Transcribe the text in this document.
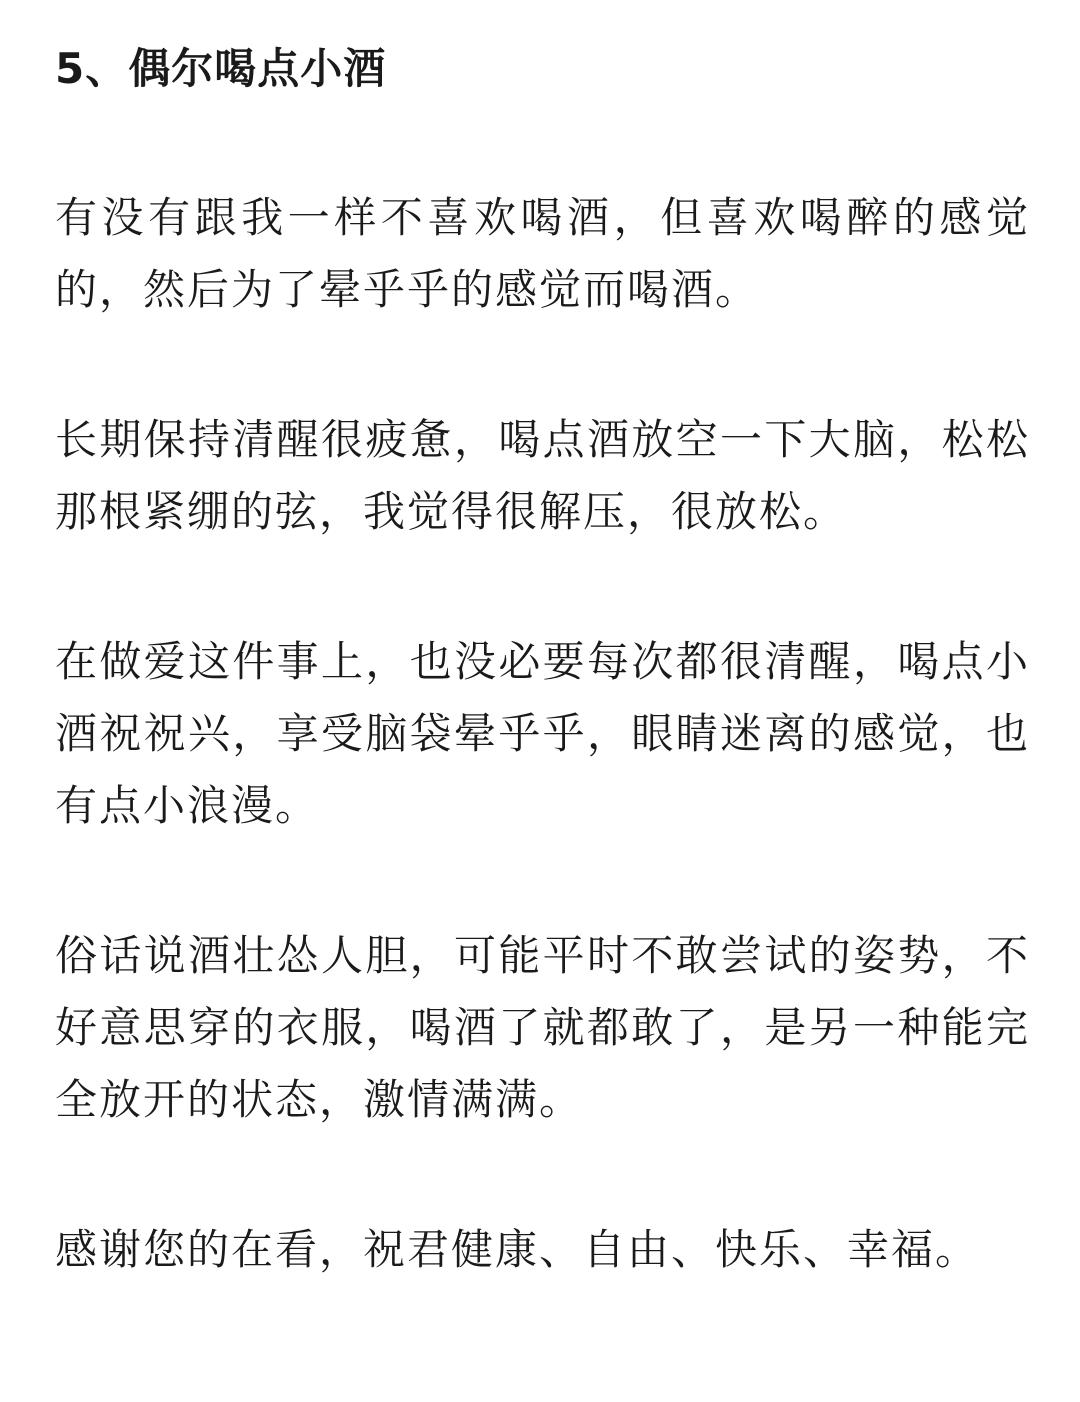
5、偶尔喝点小酒

有没有跟我一样不喜欢喝酒，但喜欢喝醉的感觉的，然后为了晕乎乎的感觉而喝酒。

长期保持清醒很疲惫，喝点酒放空一下大脑，松松那根紧绷的弦，我觉得很解压，很放松。

在做爱这件事上，也没必要每次都很清醒，喝点小酒祝祝兴，享受脑袋晕乎乎，眼睛迷离的感觉，也有点小浪漫。

俗话说酒壮怂人胆，可能平时不敢尝试的姿势，不好意思穿的衣服，喝酒了就都敢了，是另一种能完全放开的状态，激情满满。

感谢您的在看，祝君健康、自由、快乐、幸福。
